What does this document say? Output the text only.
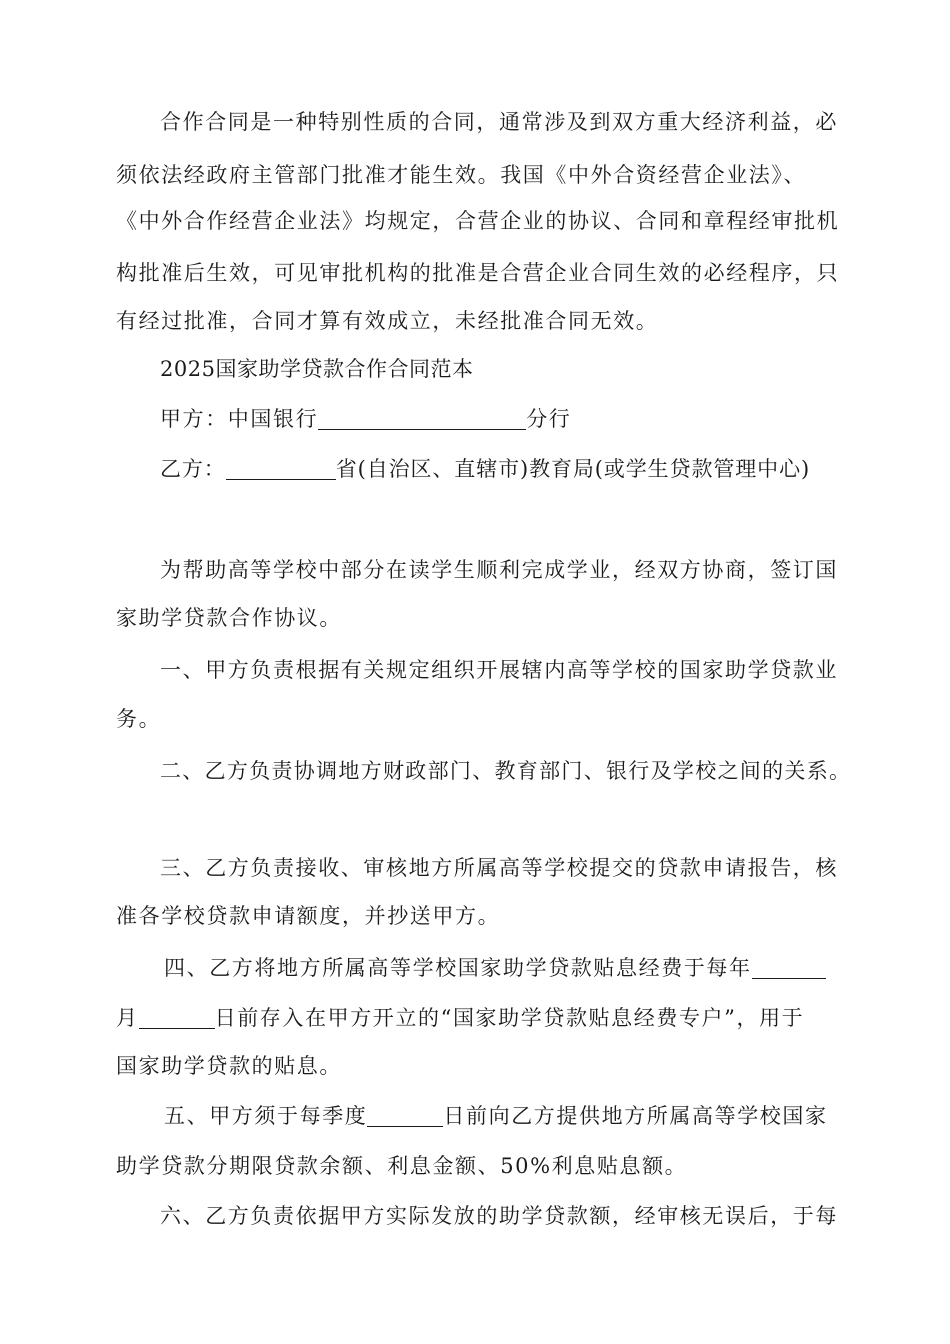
合作合同是一种特别性质的合同，通常涉及到双方重大经济利益，必
须依法经政府主管部门批准才能生效。我国《中外合资经营企业法》、
《中外合作经营企业法》均规定，合营企业的协议、合同和章程经审批机
构批准后生效，可见审批机构的批准是合营企业合同生效的必经程序，只
有经过批准，合同才算有效成立，未经批准合同无效。
2025国家助学贷款合作合同范本
甲方：中国银行	分行
乙方：	省(自治区、直辖市)教育局(或学生贷款管理中心)
为帮助高等学校中部分在读学生顺利完成学业，经双方协商，签订国
家助学贷款合作协议。
一、甲方负责根据有关规定组织开展辖内高等学校的国家助学贷款业
务。
二、乙方负责协调地方财政部门、教育部门、银行及学校之间的关系。
三、乙方负责接收、审核地方所属高等学校提交的贷款申请报告，核
准各学校贷款申请额度，并抄送甲方。
四、乙方将地方所属高等学校国家助学贷款贴息经费于每年
月	日前存入在甲方开立的“国家助学贷款贴息经费专户”，用于
国家助学贷款的贴息。
五、甲方须于每季度	日前向乙方提供地方所属高等学校国家
助学贷款分期限贷款余额、利息金额、50%利息贴息额。
六、乙方负责依据甲方实际发放的助学贷款额，经审核无误后，于每
